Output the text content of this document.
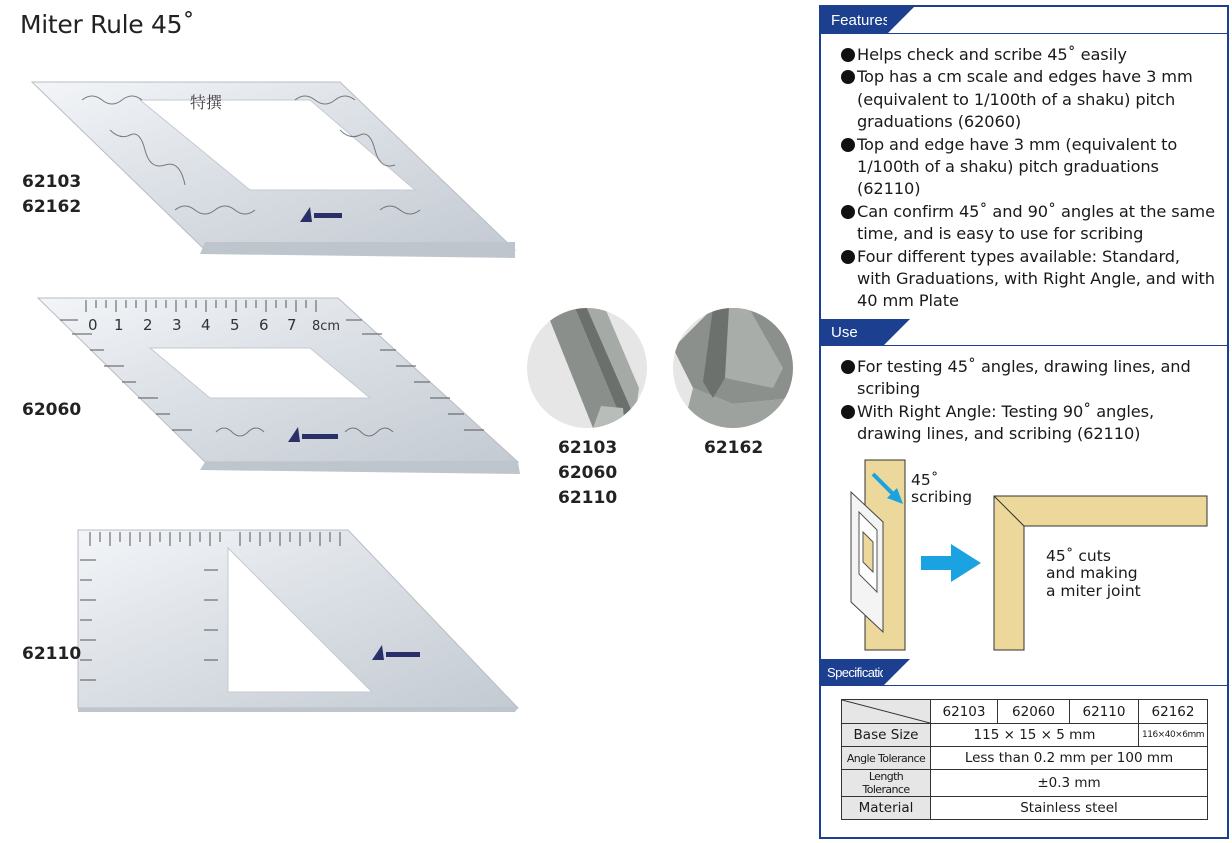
Miter Rule 45˚
特撰
0 1 2 3 4 5 6 7 8cm
62103
62162
62060
62110
62103
62060
62110
62162
Features
Helps check and scribe 45˚ easily
Top has a cm scale and edges have 3 mm (equivalent to 1/100th of a shaku) pitch graduations (62060)
Top and edge have 3 mm (equivalent to 1/100th of a shaku) pitch graduations (62110)
Can confirm 45˚ and 90˚ angles at the same time, and is easy to use for scribing
Four different types available: Standard, with Graduations, with Right Angle, and with 40 mm Plate
Use
For testing 45˚ angles, drawing lines, and scribing
With Right Angle: Testing 90˚ angles, drawing lines, and scribing (62110)
45˚
scribing
45˚ cuts
and making
a miter joint
Specifications
	62103	62060	62110	62162
Base Size	115 × 15 × 5 mm			116×40×6mm
Angle Tolerance	Less than 0.2 mm per 100 mm			
Length Tolerance	±0.3 mm			
Material	Stainless steel			
